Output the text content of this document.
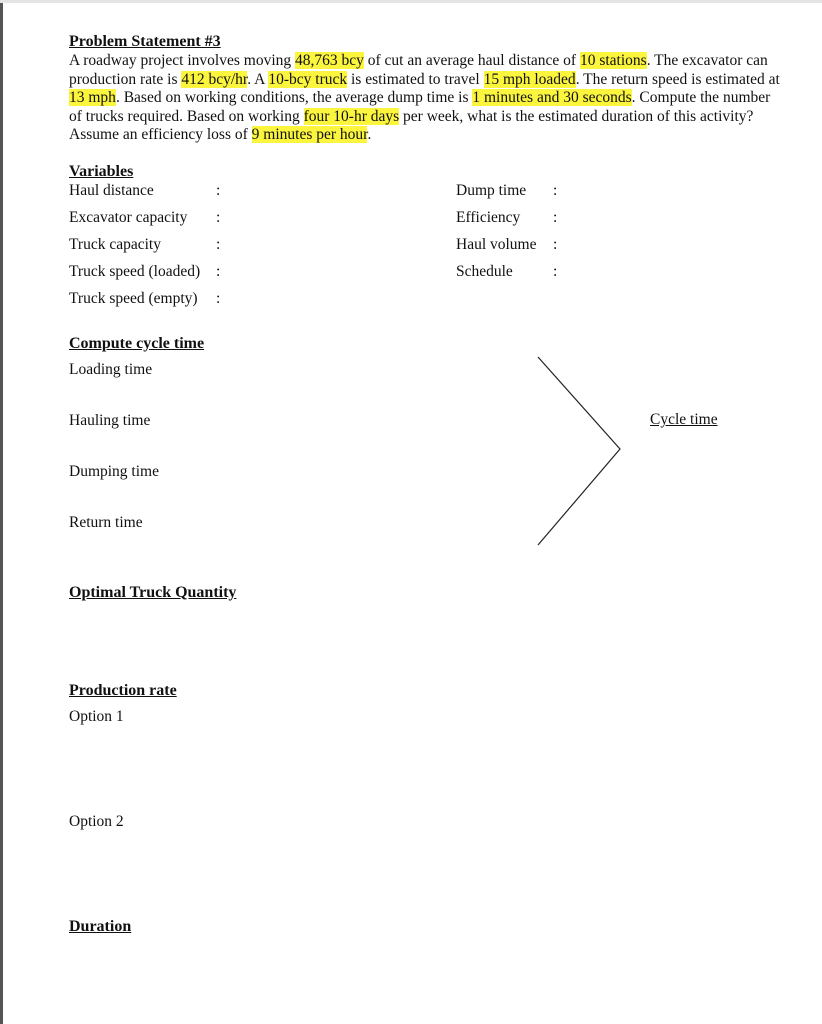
Problem Statement #3
A roadway project involves moving 48,763 bcy of cut an average haul distance of 10 stations. The excavator can production rate is 412 bcy/hr. A 10-bcy truck is estimated to travel 15 mph loaded. The return speed is estimated at 13 mph. Based on working conditions, the average dump time is 1 minutes and 30 seconds. Compute the number of trucks required. Based on working four 10-hr days per week, what is the estimated duration of this activity? Assume an efficiency loss of 9 minutes per hour.
Variables
Haul distance
Excavator capacity
Truck capacity
Truck speed (loaded)
Truck speed (empty)
:
:
:
:
:
Dump time
Efficiency
Haul volume
Schedule
:
:
:
:
Compute cycle time
Loading time
Hauling time
Dumping time
Return time
Cycle time
Optimal Truck Quantity
Production rate
Option 1
Option 2
Duration
